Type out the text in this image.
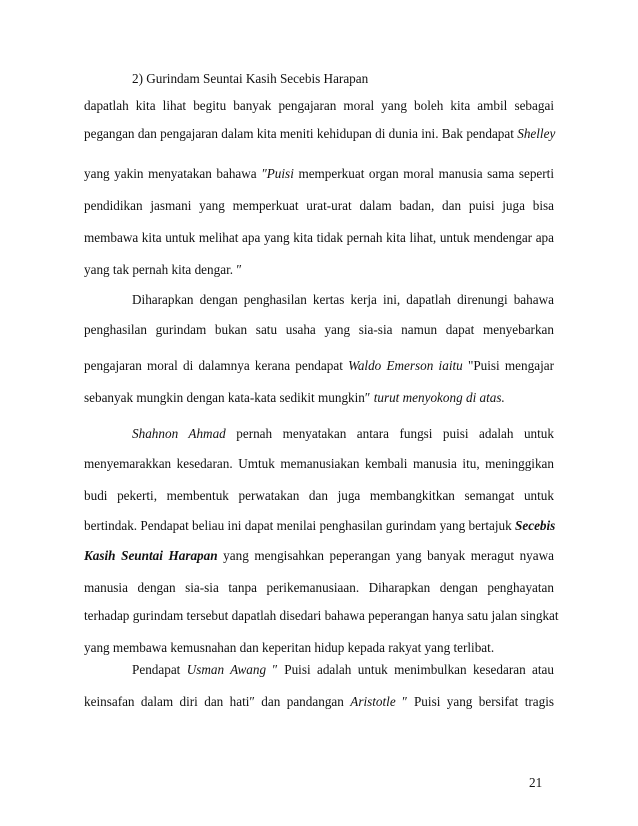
2) Gurindam Seuntai Kasih Secebis Harapan
dapatlah kita lihat begitu banyak pengajaran moral yang boleh kita ambil sebagai
pegangan dan pengajaran dalam kita meniti kehidupan di dunia ini. Bak pendapat Shelley
yang yakin menyatakan bahawa ″Puisi memperkuat organ moral manusia sama seperti
pendidikan jasmani yang memperkuat urat-urat dalam badan, dan puisi juga bisa
membawa kita untuk melihat apa yang kita tidak pernah kita lihat, untuk mendengar apa
yang tak pernah kita dengar. ″
Diharapkan dengan penghasilan kertas kerja ini, dapatlah direnungi bahawa
penghasilan gurindam bukan satu usaha yang sia-sia namun dapat menyebarkan
pengajaran moral di dalamnya kerana pendapat Waldo Emerson iaitu "Puisi mengajar
sebanyak mungkin dengan kata-kata sedikit mungkin″ turut menyokong di atas.
Shahnon Ahmad pernah menyatakan antara fungsi puisi adalah untuk
menyemarakkan kesedaran. Umtuk memanusiakan kembali manusia itu, meninggikan
budi pekerti, membentuk perwatakan dan juga membangkitkan semangat untuk
bertindak. Pendapat beliau ini dapat menilai penghasilan gurindam yang bertajuk Secebis
Kasih Seuntai Harapan yang mengisahkan peperangan yang banyak meragut nyawa
manusia dengan sia-sia tanpa perikemanusiaan. Diharapkan dengan penghayatan
terhadap gurindam tersebut dapatlah disedari bahawa peperangan hanya satu jalan singkat
yang membawa kemusnahan dan keperitan hidup kepada rakyat yang terlibat.
Pendapat Usman Awang ″ Puisi adalah untuk menimbulkan kesedaran atau
keinsafan dalam diri dan hati″ dan pandangan Aristotle ″ Puisi yang bersifat tragis
21
